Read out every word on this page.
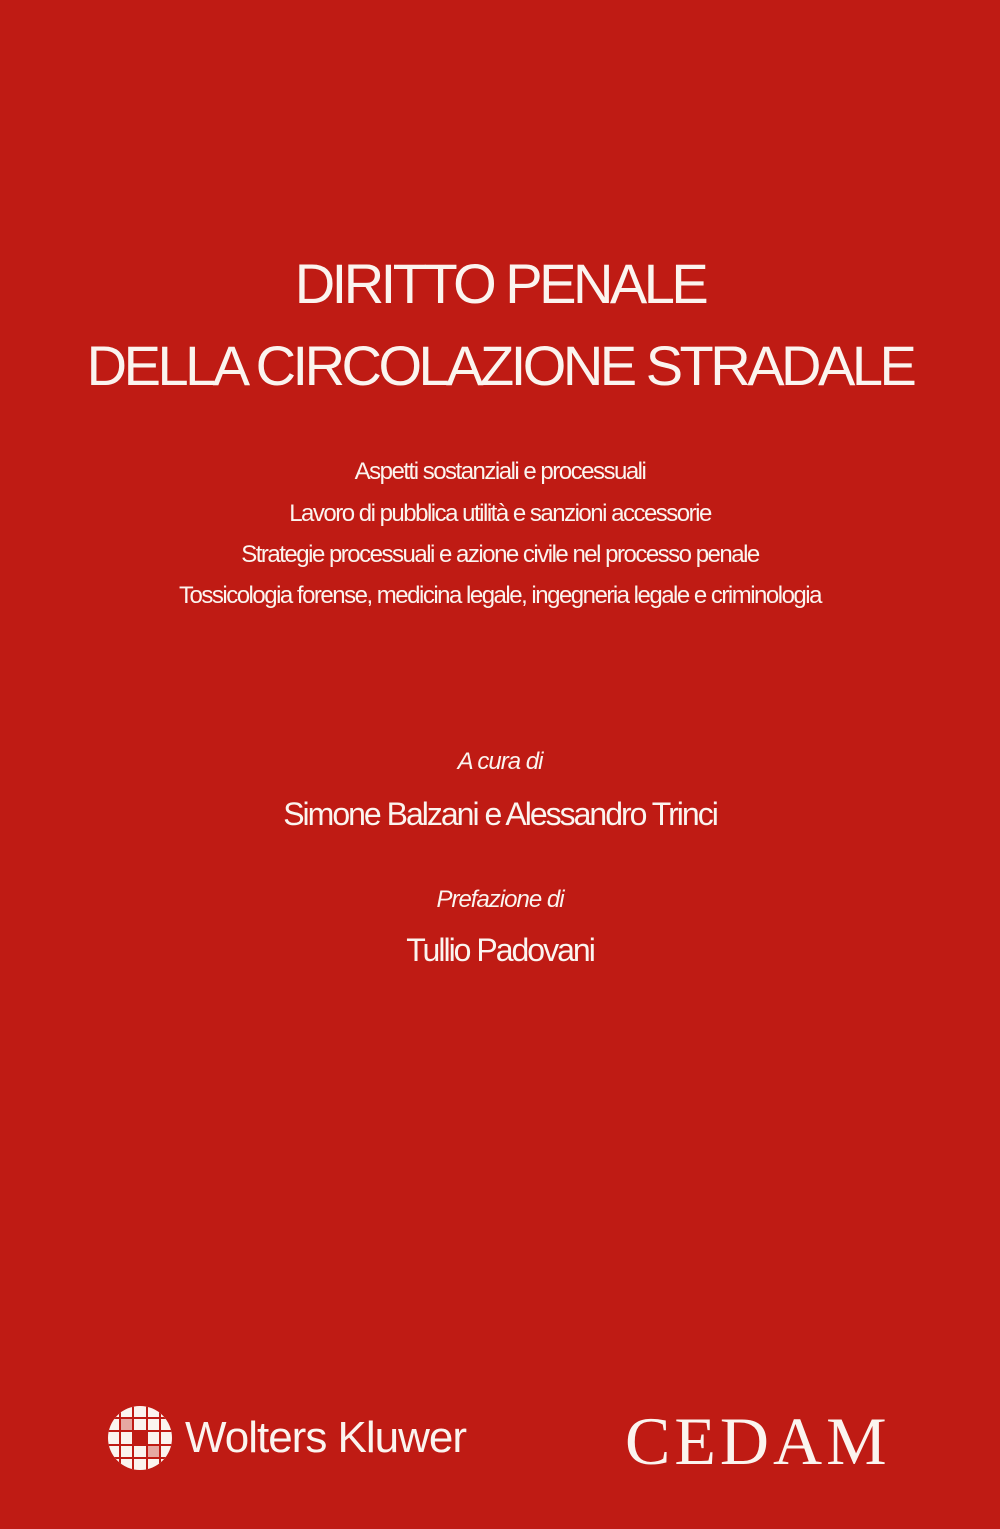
DIRITTO PENALE
DELLA CIRCOLAZIONE STRADALE
Aspetti sostanziali e processuali
Lavoro di pubblica utilità e sanzioni accessorie
Strategie processuali e azione civile nel processo penale
Tossicologia forense, medicina legale, ingegneria legale e criminologia
A cura di
Simone Balzani e Alessandro Trinci
Prefazione di
Tullio Padovani
Wolters Kluwer CEDAM
